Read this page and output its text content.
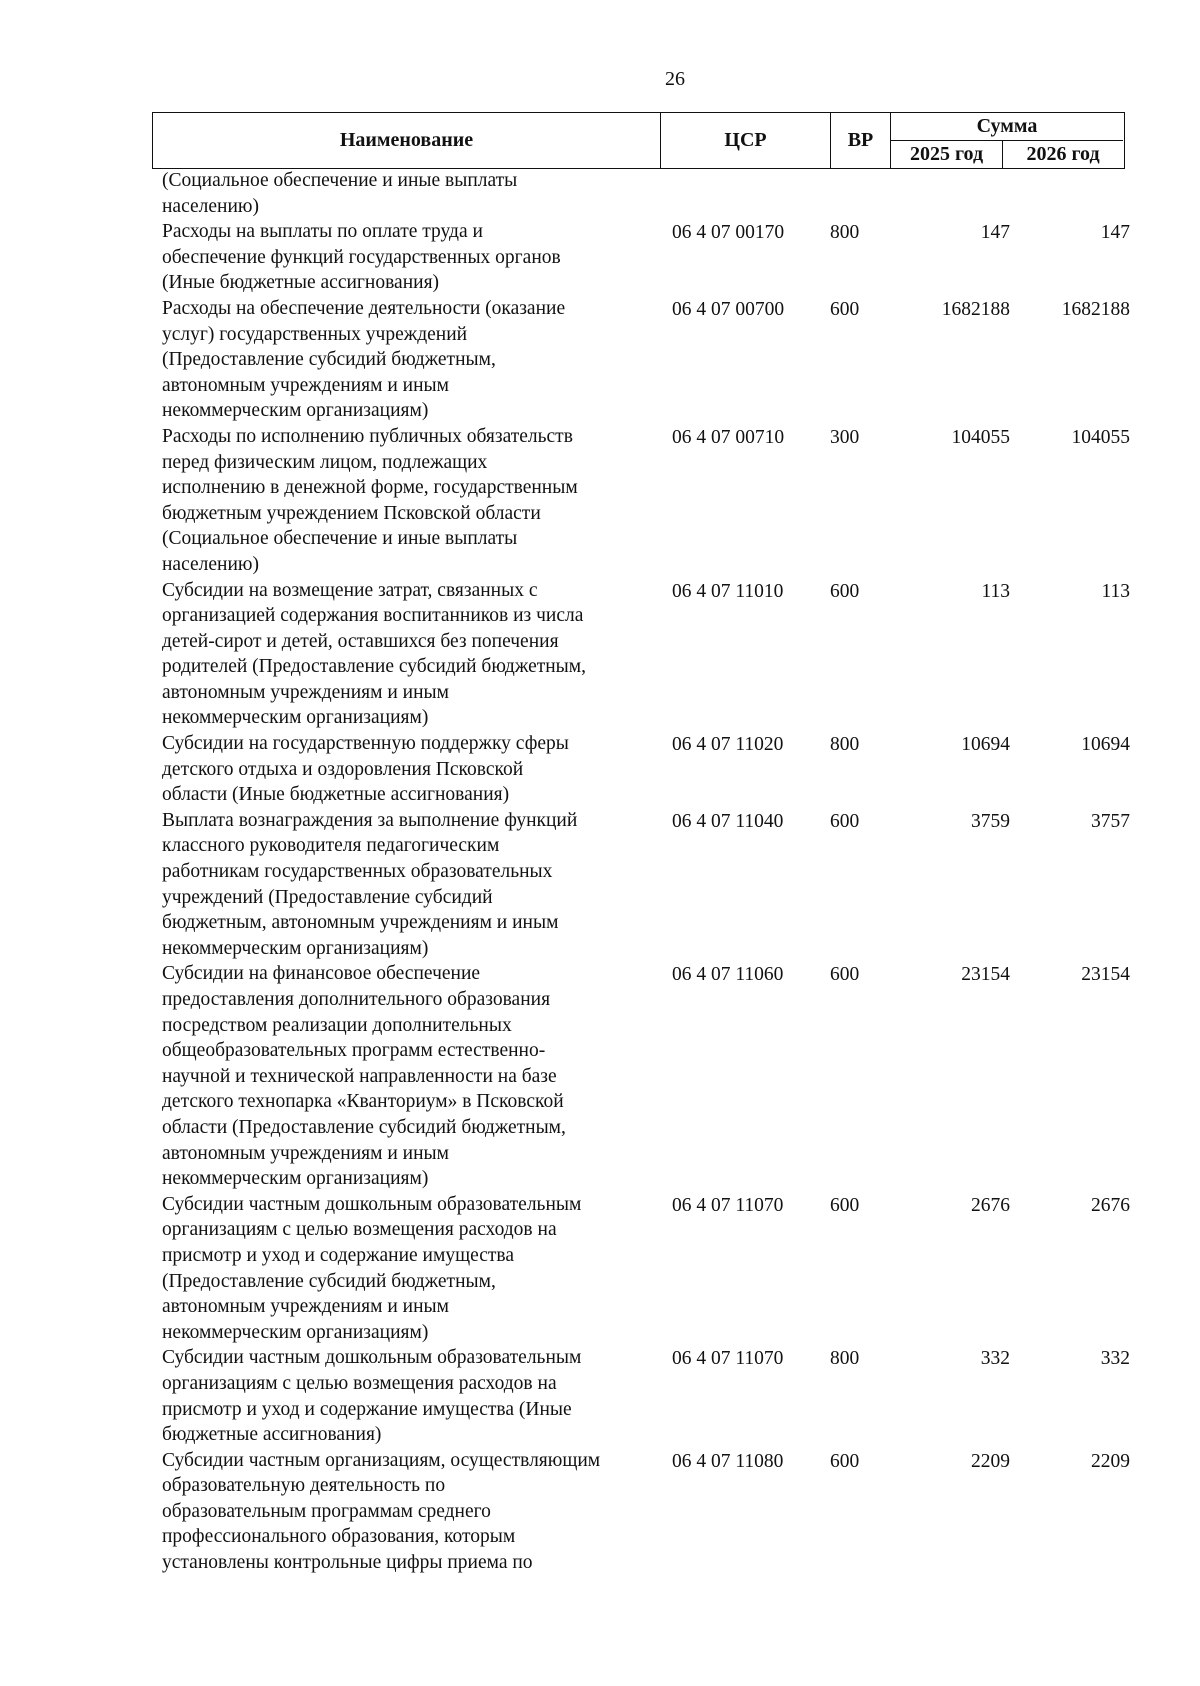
26
Наименование	ЦСР	ВР
Сумма
2025 год	2026 год
(Социальное обеспечение и иные выплаты
населению)
Расходы на выплаты по оплате труда и
обеспечение функций государственных органов
(Иные бюджетные ассигнования)
06 4 07 00170	800	147	147
Расходы на обеспечение деятельности (оказание
услуг) государственных учреждений
(Предоставление субсидий бюджетным,
автономным учреждениям и иным
некоммерческим организациям)
06 4 07 00700	600	1682188	1682188
Расходы по исполнению публичных обязательств
перед физическим лицом, подлежащих
исполнению в денежной форме, государственным
бюджетным учреждением Псковской области
(Социальное обеспечение и иные выплаты
населению)
06 4 07 00710	300	104055	104055
Субсидии на возмещение затрат, связанных с
организацией содержания воспитанников из числа
детей-сирот и детей, оставшихся без попечения
родителей (Предоставление субсидий бюджетным,
автономным учреждениям и иным
некоммерческим организациям)
06 4 07 11010	600	113	113
Субсидии на государственную поддержку сферы
детского отдыха и оздоровления Псковской
области (Иные бюджетные ассигнования)
06 4 07 11020	800	10694	10694
Выплата вознаграждения за выполнение функций
классного руководителя педагогическим
работникам государственных образовательных
учреждений (Предоставление субсидий
бюджетным, автономным учреждениям и иным
некоммерческим организациям)
06 4 07 11040	600	3759	3757
Субсидии на финансовое обеспечение
предоставления дополнительного образования
посредством реализации дополнительных
общеобразовательных программ естественно-
научной и технической направленности на базе
детского технопарка «Кванториум» в Псковской
области (Предоставление субсидий бюджетным,
автономным учреждениям и иным
некоммерческим организациям)
06 4 07 11060	600	23154	23154
Субсидии частным дошкольным образовательным
организациям с целью возмещения расходов на
присмотр и уход и содержание имущества
(Предоставление субсидий бюджетным,
автономным учреждениям и иным
некоммерческим организациям)
06 4 07 11070	600	2676	2676
Субсидии частным дошкольным образовательным
организациям с целью возмещения расходов на
присмотр и уход и содержание имущества (Иные
бюджетные ассигнования)
06 4 07 11070	800	332	332
Субсидии частным организациям, осуществляющим
образовательную деятельность по
образовательным программам среднего
профессионального образования, которым
установлены контрольные цифры приема по
06 4 07 11080	600	2209	2209
